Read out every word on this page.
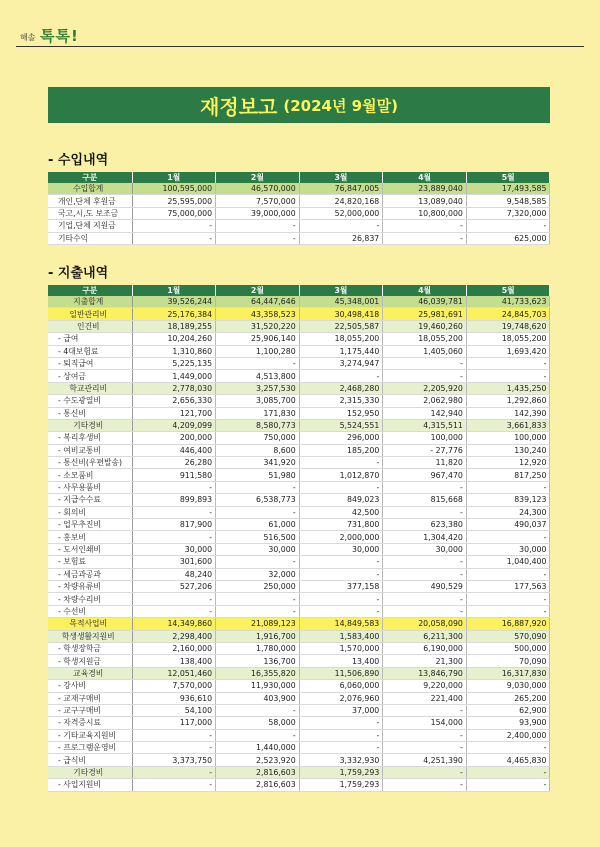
해솔 톡톡!
재정보고 (2024년 9월말)
- 수입내역
구분	1월	2월	3월	4월	5월
수입합계	100,595,000	46,570,000	76,847,005	23,889,040	17,493,585
개인,단체 후원금	25,595,000	7,570,000	24,820,168	13,089,040	9,548,585
국고,시,도 보조금	75,000,000	39,000,000	52,000,000	10,800,000	7,320,000
기업,단체 지원금	-	-	-	-	-
기타수익	-	-	26,837	-	625,000
- 지출내역
구분	1월	2월	3월	4월	5월
지출합계	39,526,244	64,447,646	45,348,001	46,039,781	41,733,623
일반관리비	25,176,384	43,358,523	30,498,418	25,981,691	24,845,703
인건비	18,189,255	31,520,220	22,505,587	19,460,260	19,748,620
- 급여	10,204,260	25,906,140	18,055,200	18,055,200	18,055,200
- 4대보험료	1,310,860	1,100,280	1,175,440	1,405,060	1,693,420
- 퇴직급여	5,225,135	-	3,274,947	-	-
- 상여금	1,449,000	4,513,800	-	-	-
학교관리비	2,778,030	3,257,530	2,468,280	2,205,920	1,435,250
- 수도광열비	2,656,330	3,085,700	2,315,330	2,062,980	1,292,860
- 통신비	121,700	171,830	152,950	142,940	142,390
기타경비	4,209,099	8,580,773	5,524,551	4,315,511	3,661,833
- 복리후생비	200,000	750,000	296,000	100,000	100,000
- 여비교통비	446,400	8,600	185,200	- 27,776	130,240
- 통신비(우편발송)	26,280	341,920	-	11,820	12,920
- 소모품비	911,580	51,980	1,012,870	967,470	817,250
- 사무용품비	-	-	-	-	-
- 지급수수료	899,893	6,538,773	849,023	815,668	839,123
- 회의비	-	-	42,500	-	24,300
- 업무추진비	817,900	61,000	731,800	623,380	490,037
- 홍보비	-	516,500	2,000,000	1,304,420	-
- 도서인쇄비	30,000	30,000	30,000	30,000	30,000
- 보험료	301,600	-	-	-	1,040,400
- 세금과공과	48,240	32,000	-	-	-
- 차량유류비	527,206	250,000	377,158	490,529	177,563
- 차량수리비	-	-	-	-	-
- 수선비	-	-	-	-	-
목적사업비	14,349,860	21,089,123	14,849,583	20,058,090	16,887,920
학생생활지원비	2,298,400	1,916,700	1,583,400	6,211,300	570,090
- 학생장학금	2,160,000	1,780,000	1,570,000	6,190,000	500,000
- 학생지원금	138,400	136,700	13,400	21,300	70,090
교육경비	12,051,460	16,355,820	11,506,890	13,846,790	16,317,830
- 강사비	7,570,000	11,930,000	6,060,000	9,220,000	9,030,000
- 교재구매비	936,610	403,900	2,076,960	221,400	265,200
- 교구구매비	54,100	-	37,000	-	62,900
- 자격증시료	117,000	58,000	-	154,000	93,900
- 기타교육지원비	-	-	-	-	2,400,000
- 프로그램운영비	-	1,440,000	-	-	-
- 급식비	3,373,750	2,523,920	3,332,930	4,251,390	4,465,830
기타경비	-	2,816,603	1,759,293	-	-
- 사업지원비	-	2,816,603	1,759,293	-	-
